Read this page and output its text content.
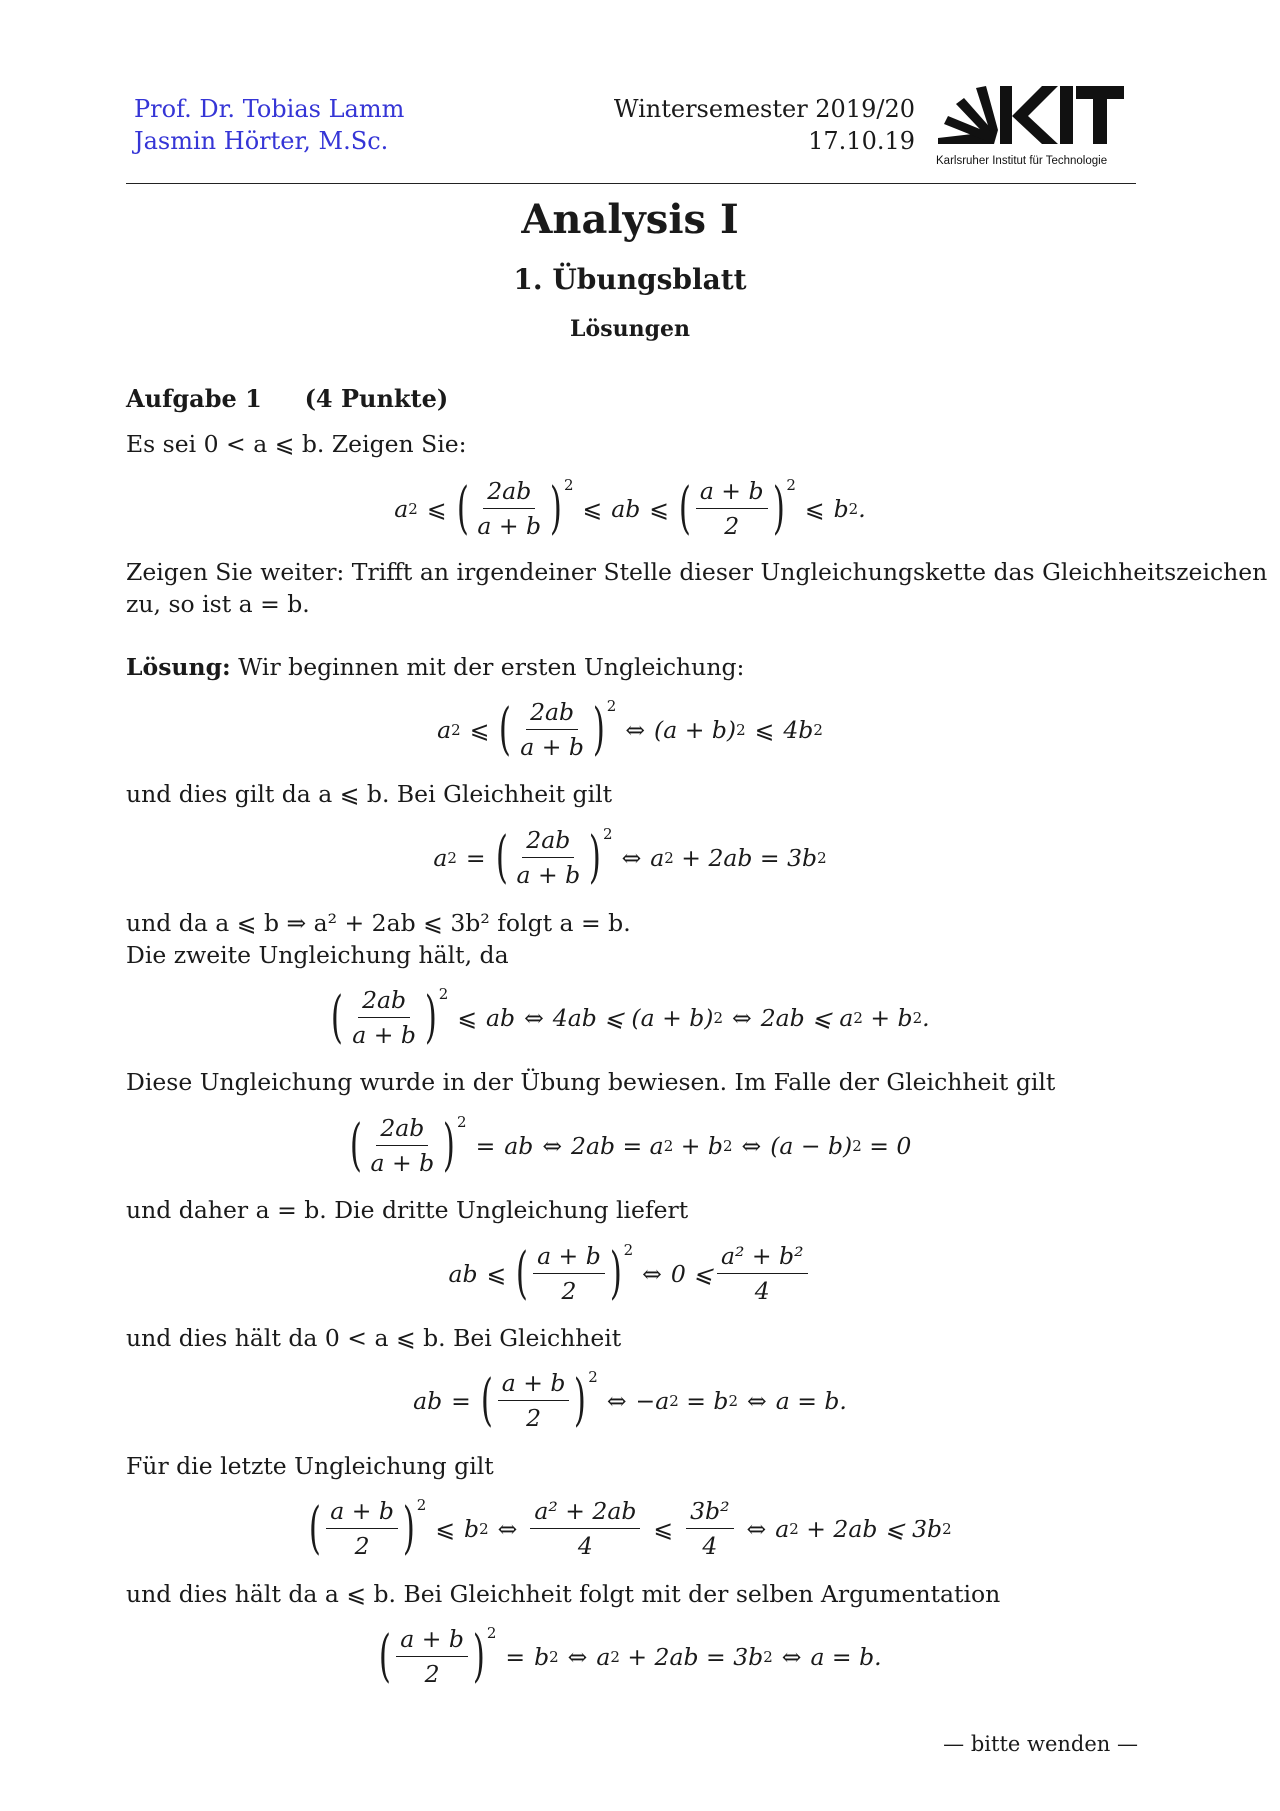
Prof. Dr. Tobias Lamm
Jasmin Hörter, M.Sc.
Wintersemester 2019/20
17.10.19
Karlsruher Institut für Technologie
Analysis I
1. Übungsblatt
Lösungen
Aufgabe 1 (4 Punkte)
Es sei 0 < a ⩽ b. Zeigen Sie:
a 2 ⩽ ( $\frac{2ab}{a + b}$ ) 2
⩽ ab ⩽ ( $\frac{a + b}{2}$ ) 2
⩽ b 2 .
Zeigen Sie weiter: Trifft an irgendeiner Stelle dieser Ungleichungskette das Gleichheitszeichen
zu, so ist a = b.
Lösung: Wir beginnen mit der ersten Ungleichung:
a 2 ⩽ ( $\frac{2ab}{a + b}$ ) 2
⇔ (a + b) 2 ⩽ 4b 2
und dies gilt da a ⩽ b. Bei Gleichheit gilt
a 2 = ( $\frac{2ab}{a + b}$ ) 2
⇔ a 2 + 2ab = 3b 2
und da a ⩽ b ⇒ a² + 2ab ⩽ 3b² folgt a = b.
Die zweite Ungleichung hält, da
( $\frac{2ab}{a + b}$ ) 2
⩽ ab ⇔ 4ab ⩽ (a + b) 2 ⇔ 2ab ⩽ a 2 + b 2 .
Diese Ungleichung wurde in der Übung bewiesen. Im Falle der Gleichheit gilt
( $\frac{2ab}{a + b}$ ) 2
= ab ⇔ 2ab = a 2 + b 2 ⇔ (a − b) 2 = 0
und daher a = b. Die dritte Ungleichung liefert
ab ⩽ ( $\frac{a + b}{2}$ ) 2
⇔ 0 ⩽ $\frac{\text{a² + b²}}{4}$
und dies hält da 0 < a ⩽ b. Bei Gleichheit
ab = ( $\frac{a + b}{2}$ ) 2
⇔ −a 2 = b 2 ⇔ a = b.
Für die letzte Ungleichung gilt
( $\frac{a + b}{2}$ ) 2
⩽ b 2 ⇔ $\frac{\text{a² + 2ab}}{4}$ ⩽ $\frac{\text{3b²}}{4}$ ⇔ a 2 + 2ab ⩽ 3b 2
und dies hält da a ⩽ b. Bei Gleichheit folgt mit der selben Argumentation
( $\frac{a + b}{2}$ ) 2
= b 2 ⇔ a 2 + 2ab = 3b 2 ⇔ a = b.
— bitte wenden —
